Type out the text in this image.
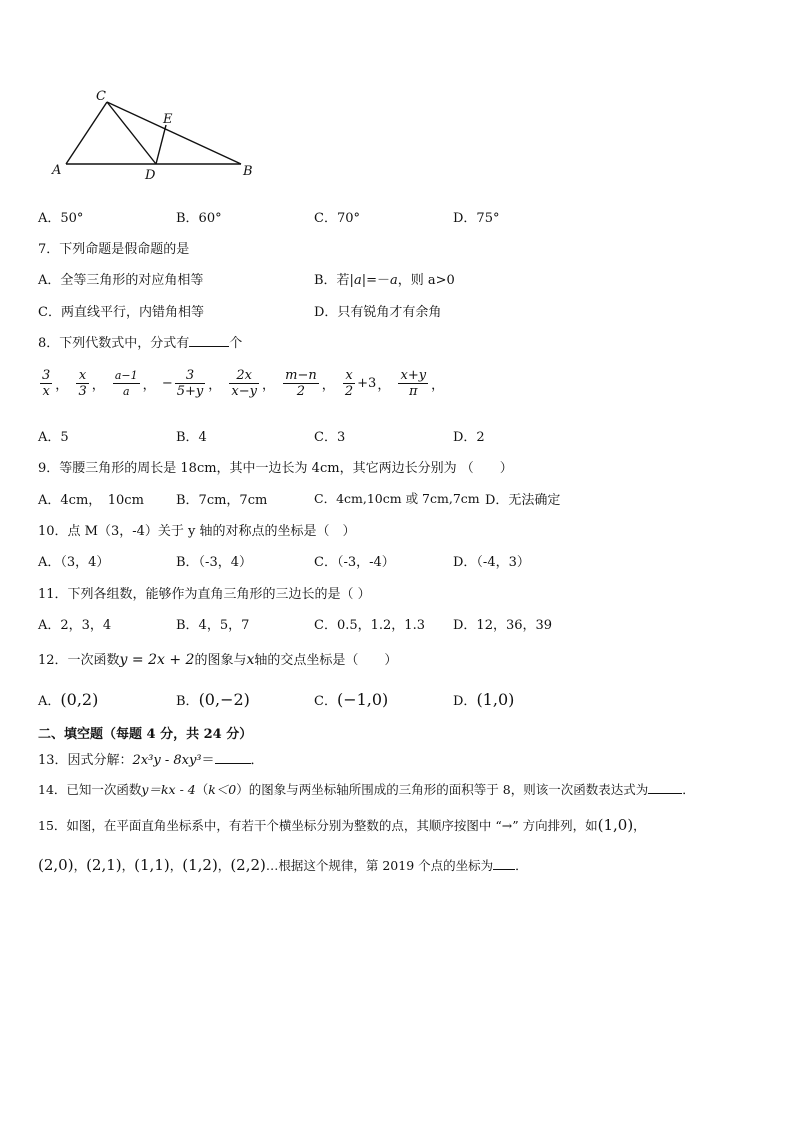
A	B
C
D
E
A．50°	B．60°	C．70°	D．75°
7．下列命题是假命题的是
A．全等三角形的对应角相等	B．若|a|=－a，则 a>0
C．两直线平行，内错角相等	D．只有锐角才有余角
8．下列代数式中，分式有	个
$\frac{3}{x}$ ， $\frac{x}{3}$ ， $\frac{a-1}{a}$ ， − $\frac{3}{5+y}$ ， $\frac{2x}{x-y}$ ， $\frac{m-n}{2}$ ， $\frac{x}{2} +3$， $\frac{x+y}{\pi}$ ，
A．5	B．4	C．3	D．2
9．等腰三角形的周长是 18cm，其中一边长为 4cm，其它两边长分别为 （　　）
A．4cm，　10cm B．7cm，7cm	C．4cm,10cm 或 7cm,7cm D．无法确定
10．点 M（3，-4）关于 y 轴的对称点的坐标是（　）
A．（3，4）	B．（-3，4）	C．（-3，-4）	D．（-4，3）
11．下列各组数，能够作为直角三角形的三边长的是（ ）
A．2，3，4	B．4，5，7	C．0.5，1.2，1.3 D．12，36，39
12．一次函数y = 2x + 2的图象与x轴的交点坐标是（　　）
A．(0,2)	B．(0,−2)	C．(−1,0)	D．(1,0)
二、填空题（每题 4 分，共 24 分）
13．因式分解：2x³y - 8xy³＝	．
14．已知一次函数y＝kx - 4（k＜0）的图象与两坐标轴所围成的三角形的面积等于 8，则该一次函数表达式为	．
15．如图，在平面直角坐标系中，有若干个横坐标分别为整数的点，其顺序按图中 “→” 方向排列，如(1,0)，
(2,0)，(2,1)，(1,1)，(1,2)，(2,2)…根据这个规律，第 2019 个点的坐标为 ．
